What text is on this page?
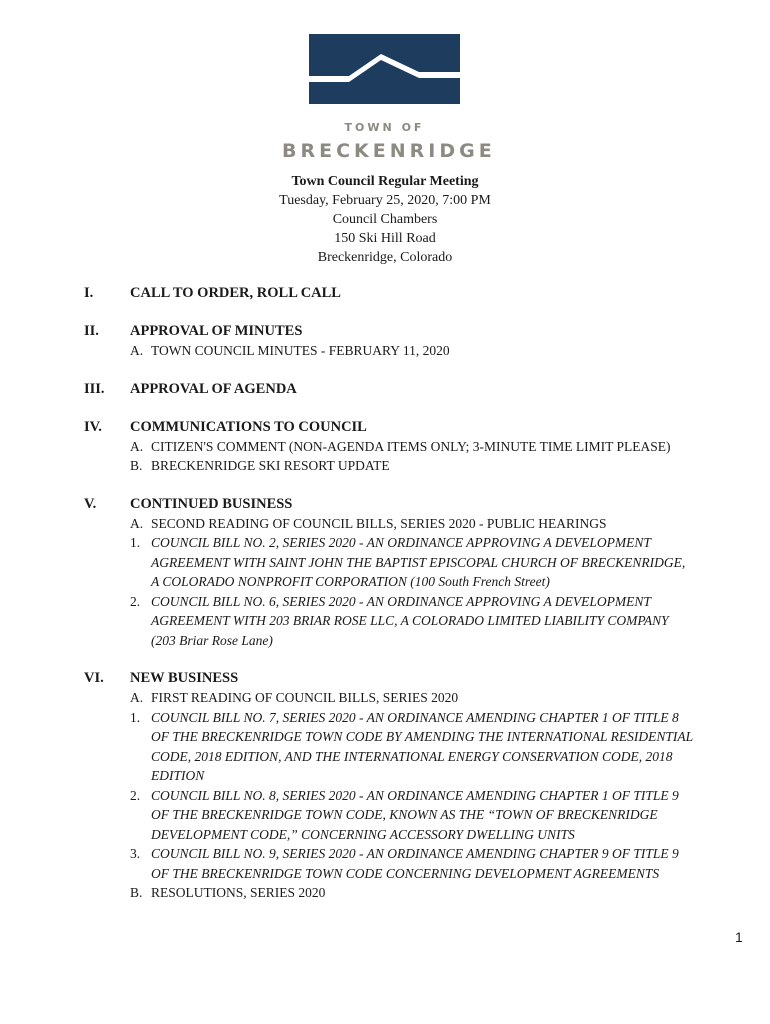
TOWN OF
BRECKENRIDGE
Town Council Regular Meeting
Tuesday, February 25, 2020, 7:00 PM
Council Chambers
150 Ski Hill Road
Breckenridge, Colorado
I.	CALL TO ORDER, ROLL CALL
II.	APPROVAL OF MINUTES
A. TOWN COUNCIL MINUTES - FEBRUARY 11, 2020
III.	APPROVAL OF AGENDA
IV.	COMMUNICATIONS TO COUNCIL
A. CITIZEN'S COMMENT (NON-AGENDA ITEMS ONLY; 3-MINUTE TIME LIMIT PLEASE)
B. BRECKENRIDGE SKI RESORT UPDATE
V.	CONTINUED BUSINESS
A. SECOND READING OF COUNCIL BILLS, SERIES 2020 - PUBLIC HEARINGS
1. COUNCIL BILL NO. 2, SERIES 2020 - AN ORDINANCE APPROVING A DEVELOPMENT AGREEMENT WITH SAINT JOHN THE BAPTIST EPISCOPAL CHURCH OF BRECKENRIDGE, A COLORADO NONPROFIT CORPORATION (100 South French Street)
2. COUNCIL BILL NO. 6, SERIES 2020 - AN ORDINANCE APPROVING A DEVELOPMENT AGREEMENT WITH 203 BRIAR ROSE LLC, A COLORADO LIMITED LIABILITY COMPANY (203 Briar Rose Lane)
VI.	NEW BUSINESS
A. FIRST READING OF COUNCIL BILLS, SERIES 2020
1. COUNCIL BILL NO. 7, SERIES 2020 - AN ORDINANCE AMENDING CHAPTER 1 OF TITLE 8 OF THE BRECKENRIDGE TOWN CODE BY AMENDING THE INTERNATIONAL RESIDENTIAL CODE, 2018 EDITION, AND THE INTERNATIONAL ENERGY CONSERVATION CODE, 2018 EDITION
2. COUNCIL BILL NO. 8, SERIES 2020 - AN ORDINANCE AMENDING CHAPTER 1 OF TITLE 9 OF THE BRECKENRIDGE TOWN CODE, KNOWN AS THE “TOWN OF BRECKENRIDGE DEVELOPMENT CODE,” CONCERNING ACCESSORY DWELLING UNITS
3. COUNCIL BILL NO. 9, SERIES 2020 - AN ORDINANCE AMENDING CHAPTER 9 OF TITLE 9 OF THE BRECKENRIDGE TOWN CODE CONCERNING DEVELOPMENT AGREEMENTS
B. RESOLUTIONS, SERIES 2020
1
